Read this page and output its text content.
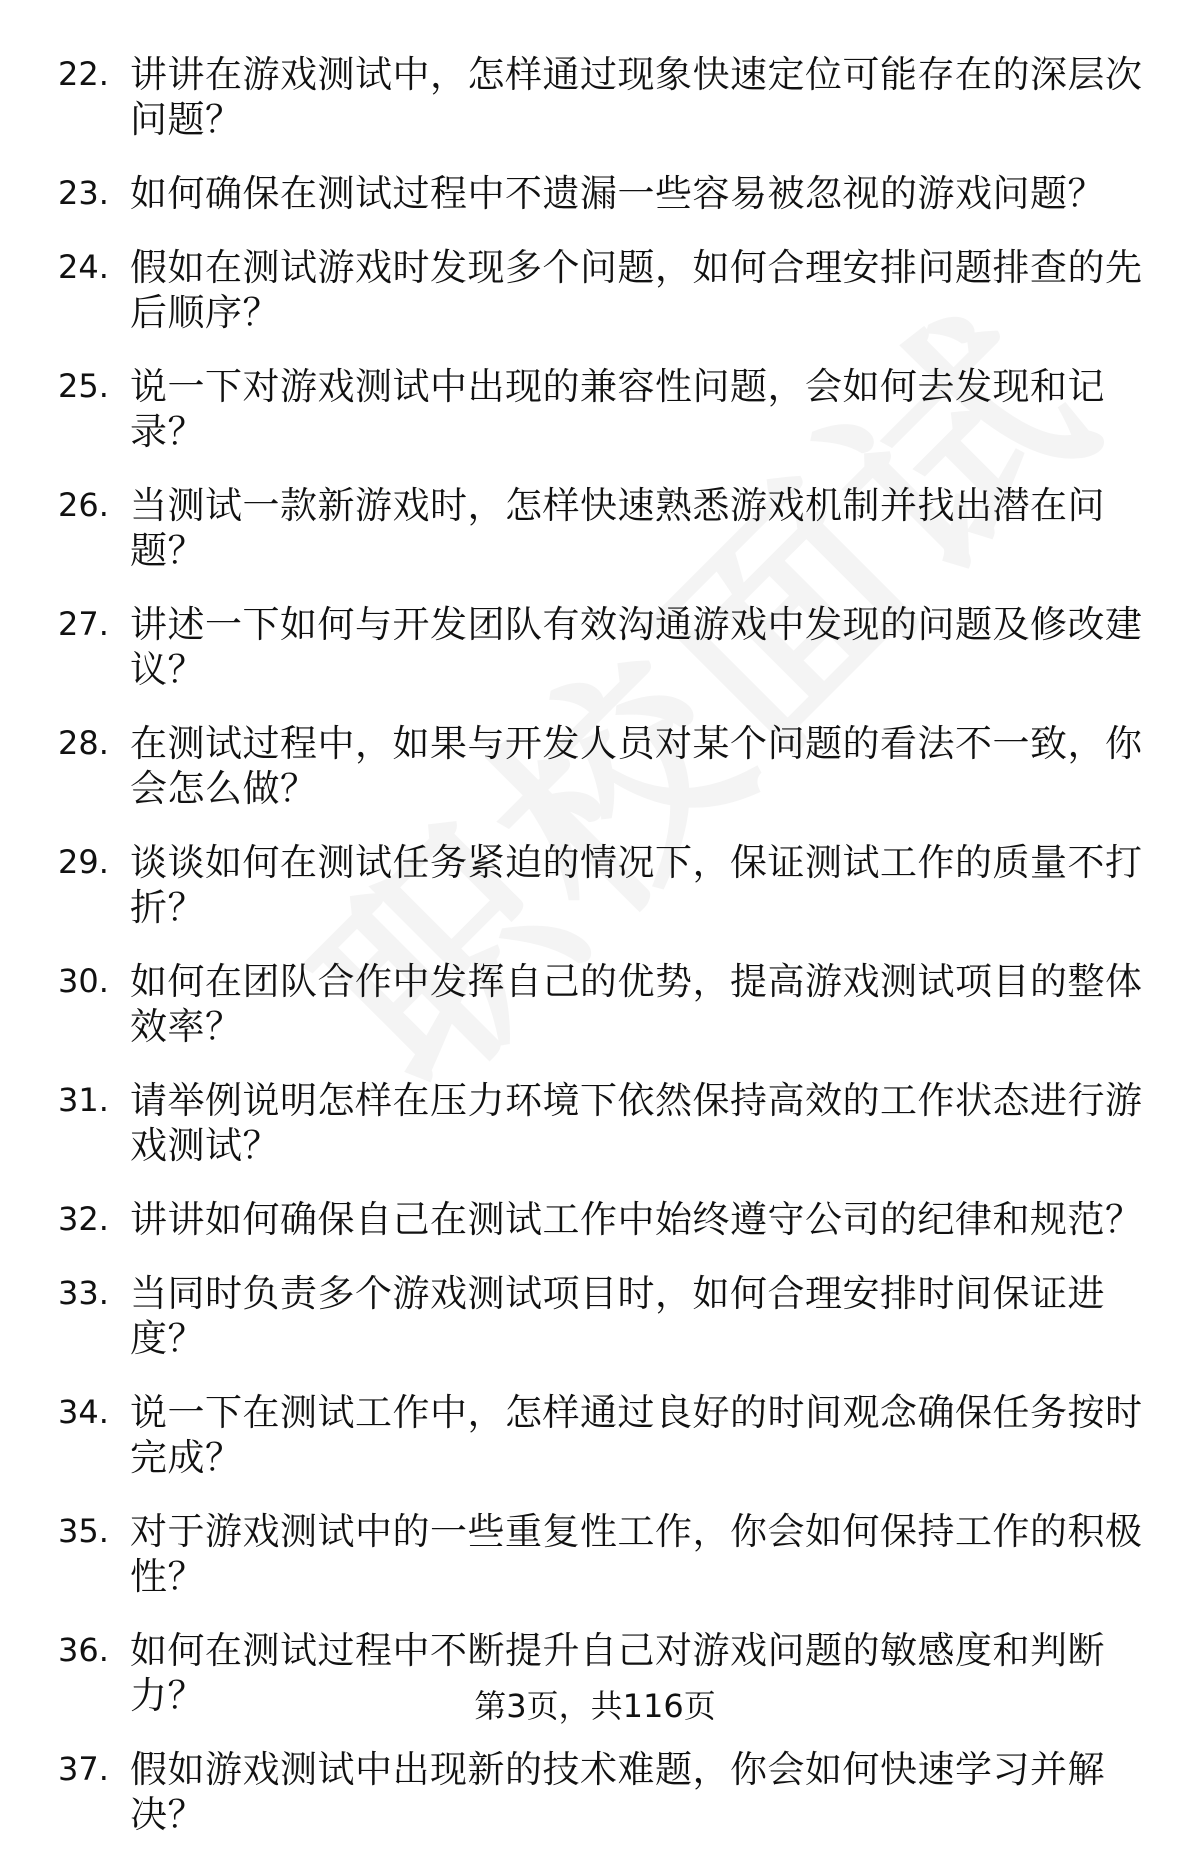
22. 讲讲在游戏测试中，怎样通过现象快速定位可能存在的深层次问题？
23. 如何确保在测试过程中不遗漏一些容易被忽视的游戏问题？
24. 假如在测试游戏时发现多个问题，如何合理安排问题排查的先后顺序？
25. 说一下对游戏测试中出现的兼容性问题，会如何去发现和记录？
26. 当测试一款新游戏时，怎样快速熟悉游戏机制并找出潜在问题？
27. 讲述一下如何与开发团队有效沟通游戏中发现的问题及修改建议？
28. 在测试过程中，如果与开发人员对某个问题的看法不一致，你会怎么做？
29. 谈谈如何在测试任务紧迫的情况下，保证测试工作的质量不打折？
30. 如何在团队合作中发挥自己的优势，提高游戏测试项目的整体效率？
31. 请举例说明怎样在压力环境下依然保持高效的工作状态进行游戏测试？
32. 讲讲如何确保自己在测试工作中始终遵守公司的纪律和规范？
33. 当同时负责多个游戏测试项目时，如何合理安排时间保证进度？
34. 说一下在测试工作中，怎样通过良好的时间观念确保任务按时完成？
35. 对于游戏测试中的一些重复性工作，你会如何保持工作的积极性？
36. 如何在测试过程中不断提升自己对游戏问题的敏感度和判断力？
37. 假如游戏测试中出现新的技术难题，你会如何快速学习并解决？
第3页，共116页
